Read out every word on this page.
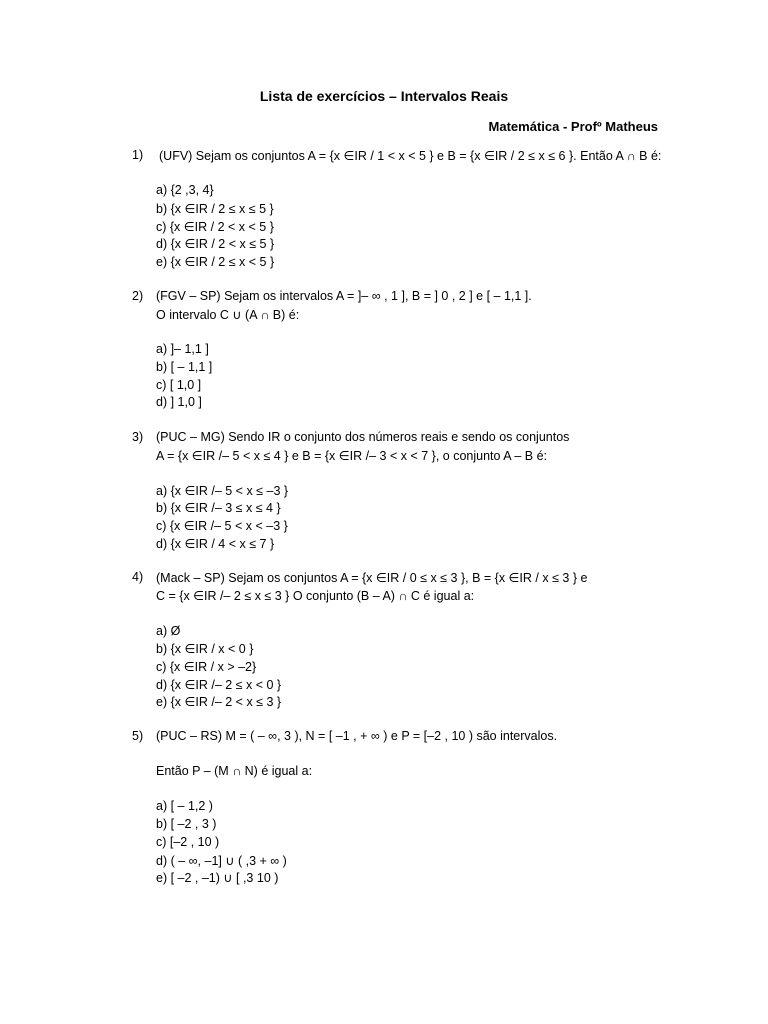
Lista de exercícios – Intervalos Reais
Matemática - Profº Matheus
1) (UFV) Sejam os conjuntos A = {x ∈IR / 1 < x < 5 } e B = {x ∈IR / 2 ≤ x ≤ 6 }. Então A ∩ B é:
a) {2 ,3, 4}
b) {x ∈IR / 2 ≤ x ≤ 5 }
c) {x ∈IR / 2 < x < 5 }
d) {x ∈IR / 2 < x ≤ 5 }
e) {x ∈IR / 2 ≤ x < 5 }
2) (FGV – SP) Sejam os intervalos A = ]– ∞ , 1 ], B = ] 0 , 2 ] e [ – 1,1 ].
O intervalo C ∪ (A ∩ B) é:
a) ]– 1,1 ]
b) [ – 1,1 ]
c) [ 1,0 ]
d) ] 1,0 ]
3) (PUC – MG) Sendo IR o conjunto dos números reais e sendo os conjuntos
A = {x ∈IR /– 5 < x ≤ 4 } e B = {x ∈IR /– 3 < x < 7 }, o conjunto A – B é:
a) {x ∈IR /– 5 < x ≤ –3 }
b) {x ∈IR /– 3 ≤ x ≤ 4 }
c) {x ∈IR /– 5 < x < –3 }
d) {x ∈IR / 4 < x ≤ 7 }
4) (Mack – SP) Sejam os conjuntos A = {x ∈IR / 0 ≤ x ≤ 3 }, B = {x ∈IR / x ≤ 3 } e
C = {x ∈IR /– 2 ≤ x ≤ 3 } O conjunto (B – A) ∩ C é igual a:
a) Ø
b) {x ∈IR / x < 0 }
c) {x ∈IR / x > –2}
d) {x ∈IR /– 2 ≤ x < 0 }
e) {x ∈IR /– 2 < x ≤ 3 }
5) (PUC – RS) M = ( – ∞, 3 ), N = [ –1 , + ∞ ) e P = [–2 , 10 ) são intervalos.
Então P – (M ∩ N) é igual a:
a) [ – 1,2 )
b) [ –2 , 3 )
c) [–2 , 10 )
d) ( – ∞, –1] ∪ ( ,3 + ∞ )
e) [ –2 , –1) ∪ [ ,3 10 )
